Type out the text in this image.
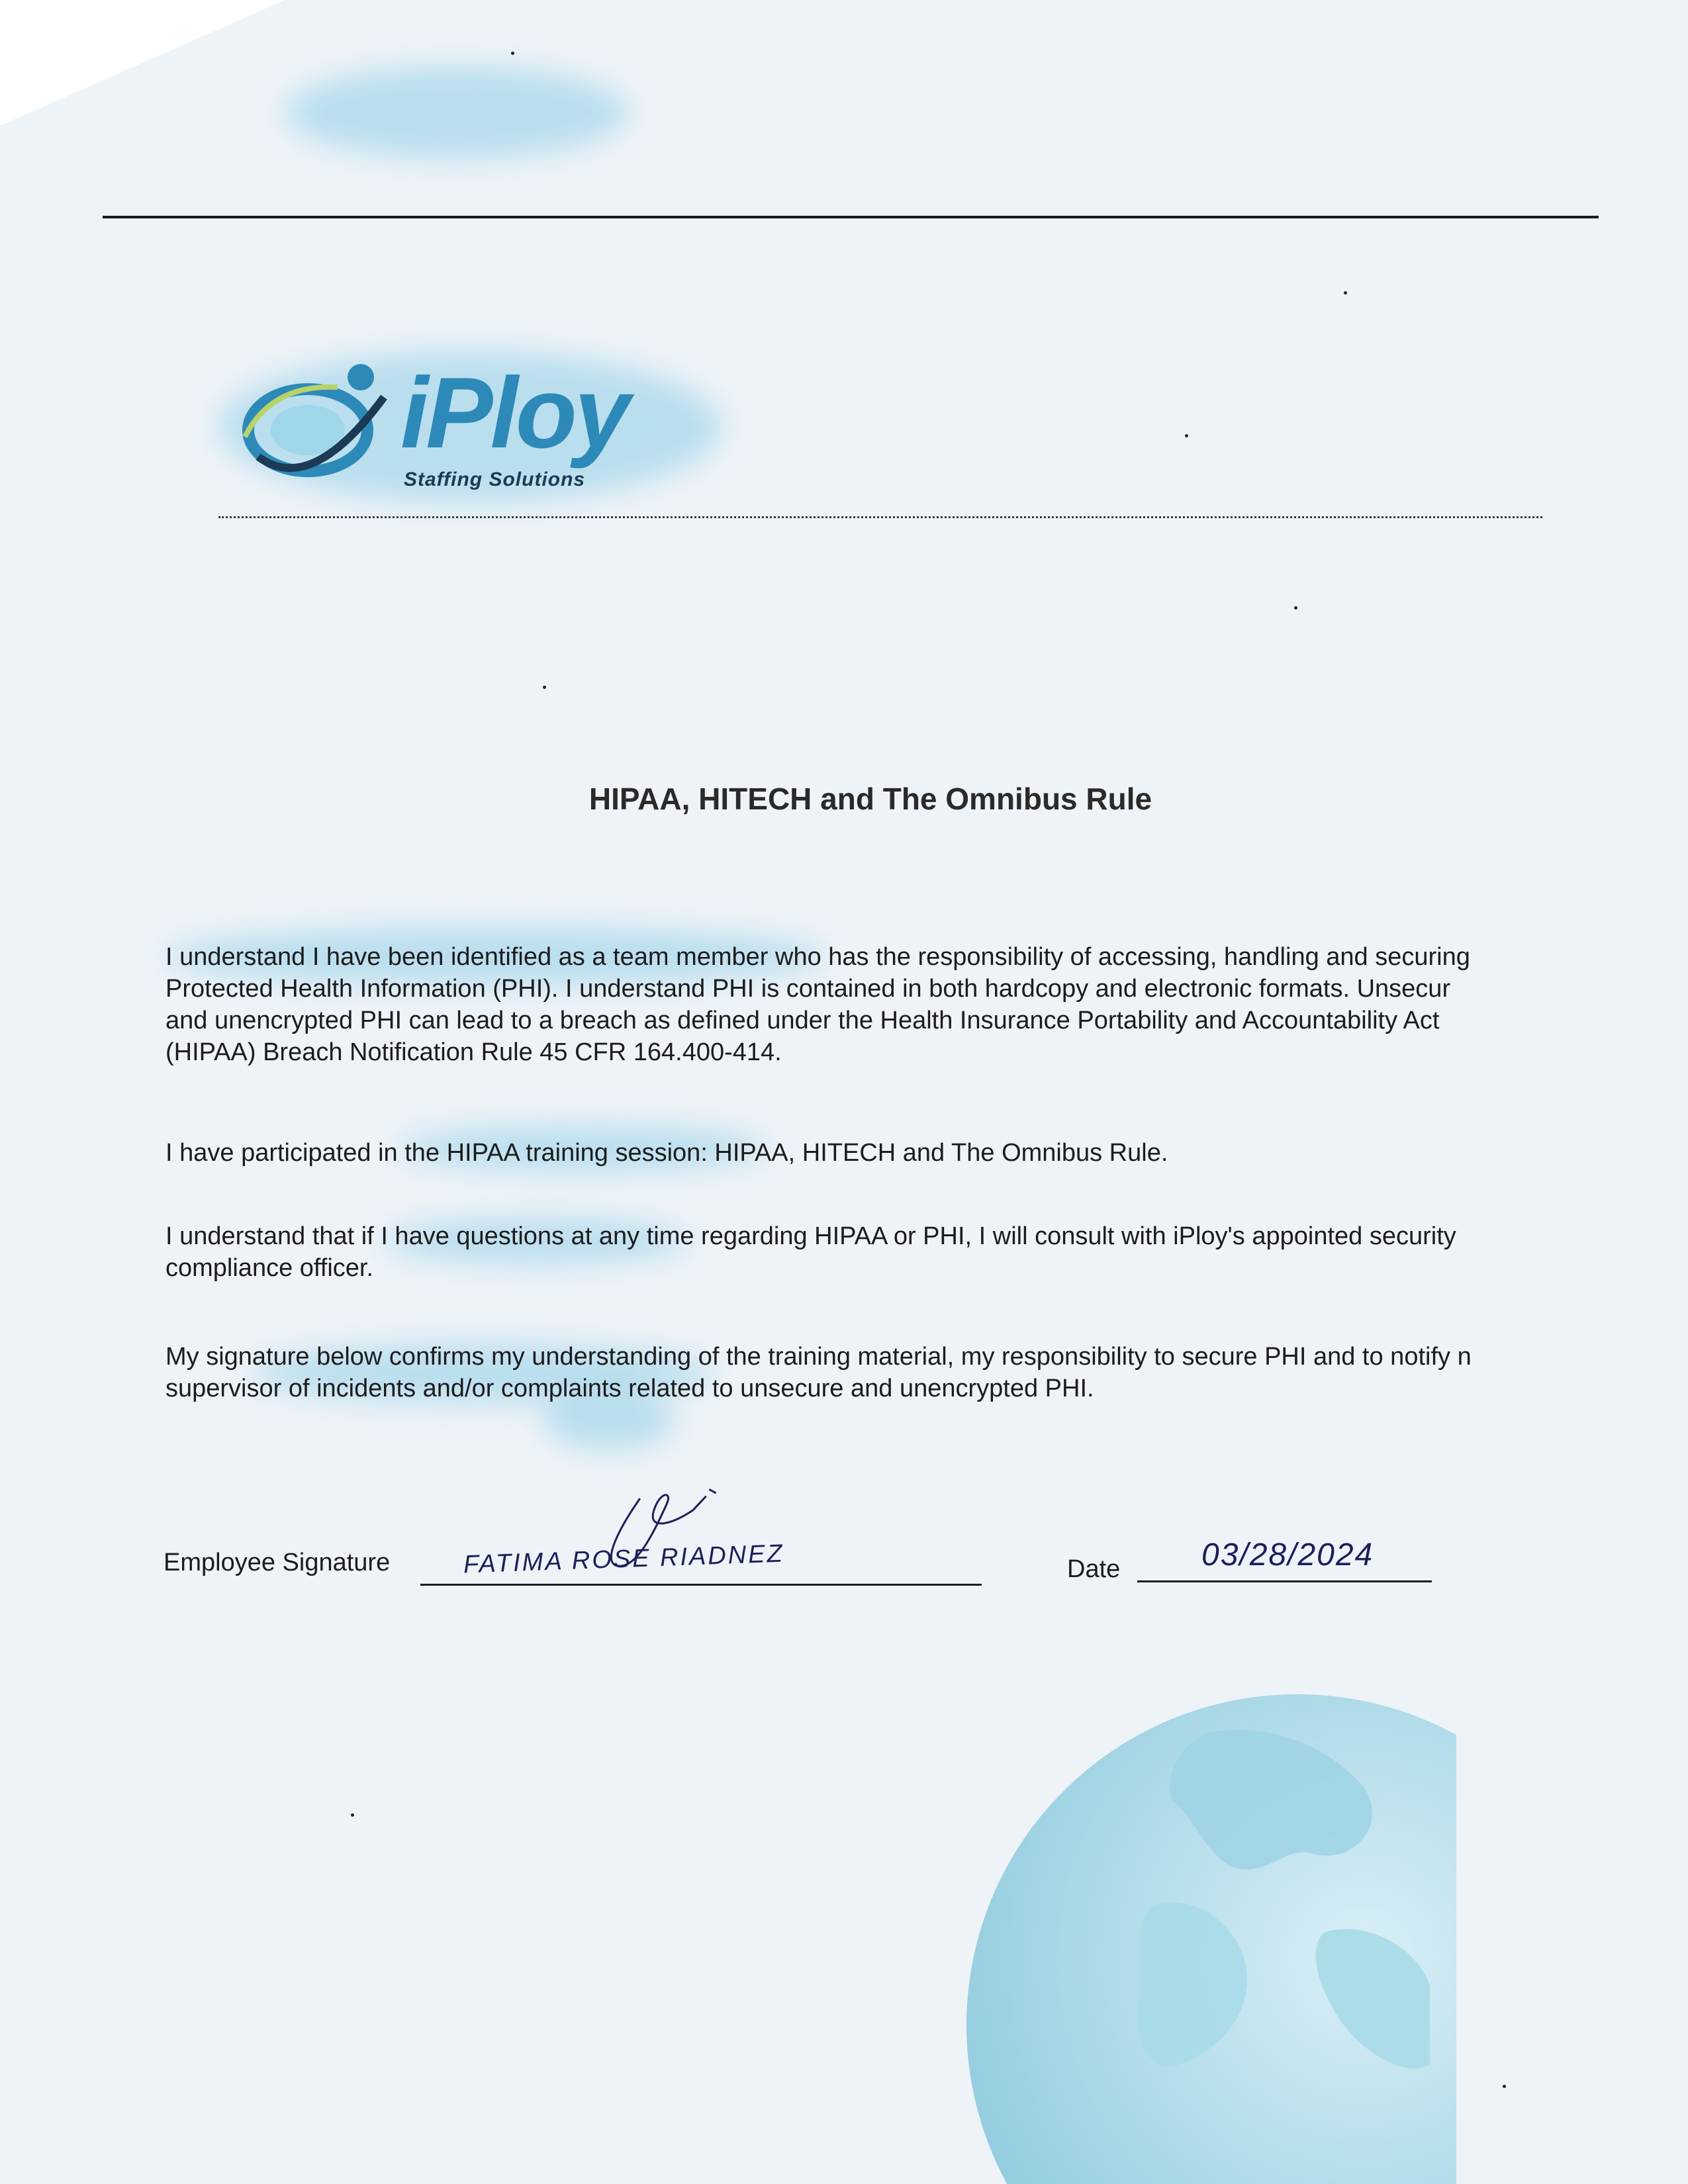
iPloy
Staffing Solutions
HIPAA, HITECH and The Omnibus Rule
I understand I have been identified as a team member who has the responsibility of accessing, handling and securing
Protected Health Information (PHI). I understand PHI is contained in both hardcopy and electronic formats. Unsecur
and unencrypted PHI can lead to a breach as defined under the Health Insurance Portability and Accountability Act
(HIPAA) Breach Notification Rule 45 CFR 164.400-414.
I have participated in the HIPAA training session: HIPAA, HITECH and The Omnibus Rule.
I understand that if I have questions at any time regarding HIPAA or PHI, I will consult with iPloy's appointed security
compliance officer.
My signature below confirms my understanding of the training material, my responsibility to secure PHI and to notify n
supervisor of incidents and/or complaints related to unsecure and unencrypted PHI.
Employee Signature	FATIMA ROSE RIADNEZ	Date	03/28/2024
